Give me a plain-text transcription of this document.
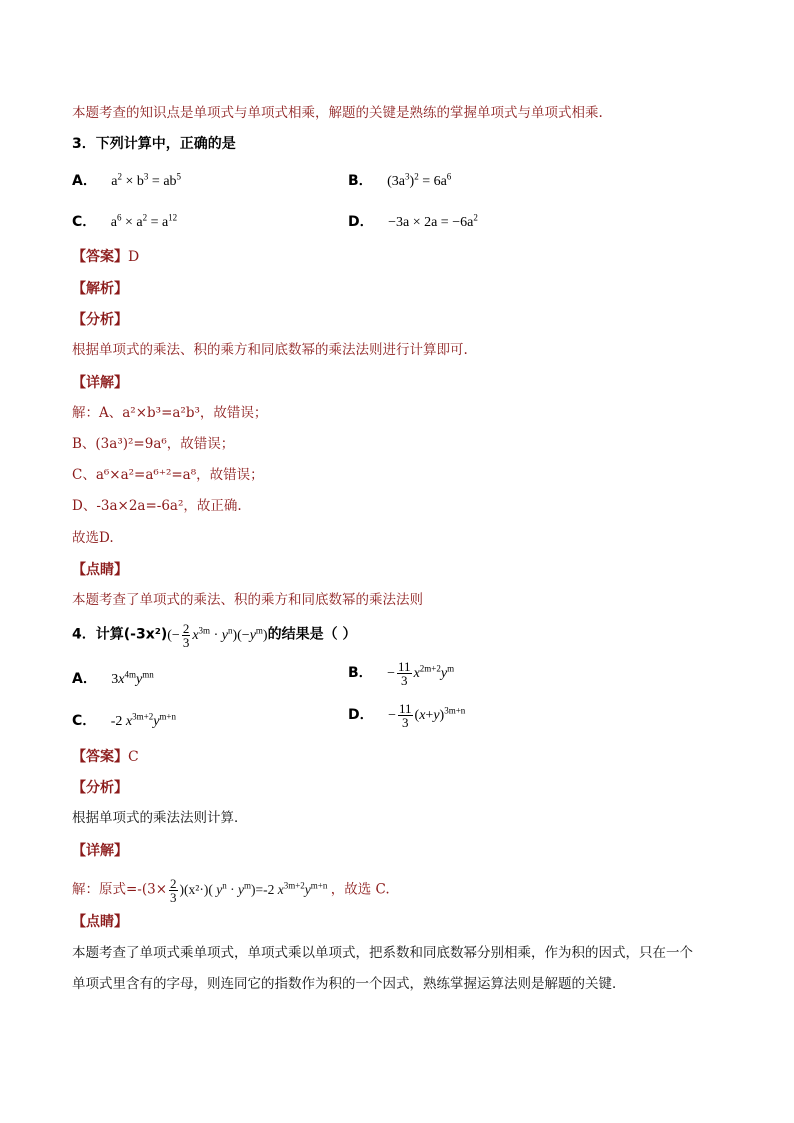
本题考查的知识点是单项式与单项式相乘，解题的关键是熟练的掌握单项式与单项式相乘.
3．下列计算中，正确的是
A． $a^2 \times b^3 = ab^5$	B． $(3a^3)^2 = 6a^6$
C． $a^6 \times a^2 = a^{12}$	D． $-3a \times 2a = -6a^2$
【答案】D
【解析】
【分析】
根据单项式的乘法、积的乘方和同底数幂的乘法法则进行计算即可.
【详解】
解：A、a²×b³=a²b³，故错误；
B、(3a³)²=9a⁶，故错误；
C、a⁶×a²=a⁶⁺²=a⁸，故错误；
D、-3a×2a=-6a²，故正确.
故选D.
【点睛】
本题考查了单项式的乘法、积的乘方和同底数幂的乘法法则
4．计算$(-3x^2)(- \frac{2}{3} x^{3m} \cdot y^n)(-y^m)$的结果是（ ）
A． $3x^{4m}y^{mn}$	B． − $\frac{11}{3} x^{2m+2}y^m$
C． -2 $x^{3m+2}y^{m+n}$	D． − $\frac{11}{3} (x+y)^{3m+n}$
【答案】C
【分析】
根据单项式的乘法法则计算．
【详解】
解：原式$=-(3\times \frac{2}{3} )(x^2\cdot)$( $y^n \cdot y^m)=-2$ $x^{3m+2}y^{m+n}$ ，故选 C.
【点睛】
本题考查了单项式乘单项式，单项式乘以单项式，把系数和同底数幂分别相乘，作为积的因式，只在一个
单项式里含有的字母，则连同它的指数作为积的一个因式，熟练掌握运算法则是解题的关键．
